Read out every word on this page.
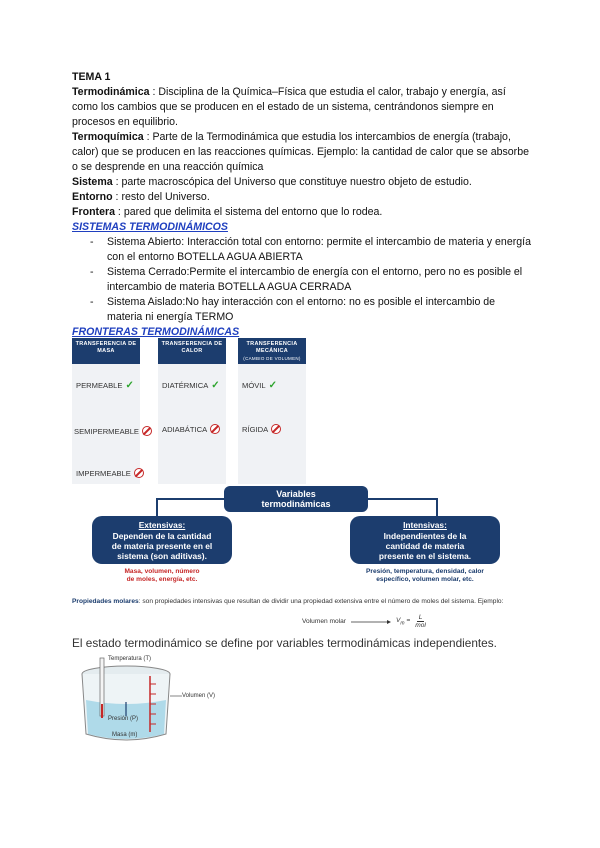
TEMA 1

Termodinámica : Disciplina de la Química–Física que estudia el calor, trabajo y energía, así como los cambios que se producen en el estado de un sistema, centrándonos siempre en procesos en equilibrio.

Termoquímica : Parte de la Termodinámica que estudia los intercambios de energía (trabajo, calor) que se producen en las reacciones químicas. Ejemplo: la cantidad de calor que se absorbe o se desprende en una reacción química

Sistema : parte macroscópica del Universo que constituye nuestro objeto de estudio.

Entorno : resto del Universo.

Frontera : pared que delimita el sistema del entorno que lo rodea.

SISTEMAS TERMODINÁMICOS
- Sistema Abierto: Interacción total con entorno: permite el intercambio de materia y energía con el entorno BOTELLA AGUA ABIERTA
- Sistema Cerrado:Permite el intercambio de energía con el entorno, pero no es posible el intercambio de materia BOTELLA AGUA CERRADA
- Sistema Aislado:No hay interacción con el entorno: no es posible el intercambio de materia ni energía TERMO
FRONTERAS TERMODINÁMICAS
TRANSFERENCIA DE MASA
PERMEABLE ✓
SEMIPERMEABLE
IMPERMEABLE
TRANSFERENCIA DE CALOR
DIATÉRMICA ✓
ADIABÁTICA
TRANSFERENCIA MECÁNICA
(CAMBIO DE VOLUMEN)
MÓVIL ✓
RÍGIDA
Variables
termodinámicas
Extensivas:
Dependen de la cantidad
de materia presente en el
sistema (son aditivas).
Masa, volumen, número
de moles, energía, etc.
Intensivas:
Independientes de la
cantidad de materia
presente en el sistema.
Presión, temperatura, densidad, calor
específico, volumen molar, etc.
Propiedades molares: son propiedades intensivas que resultan de dividir una propiedad extensiva entre el número de moles del sistema. Ejemplo:
Volumen molar	$V_m = \frac{L}{\text{mol}}$

El estado termodinámico se define por variables termodinámicas independientes.

Temperatura (T)
Volumen (V)
Presión (P)
Masa (m)
